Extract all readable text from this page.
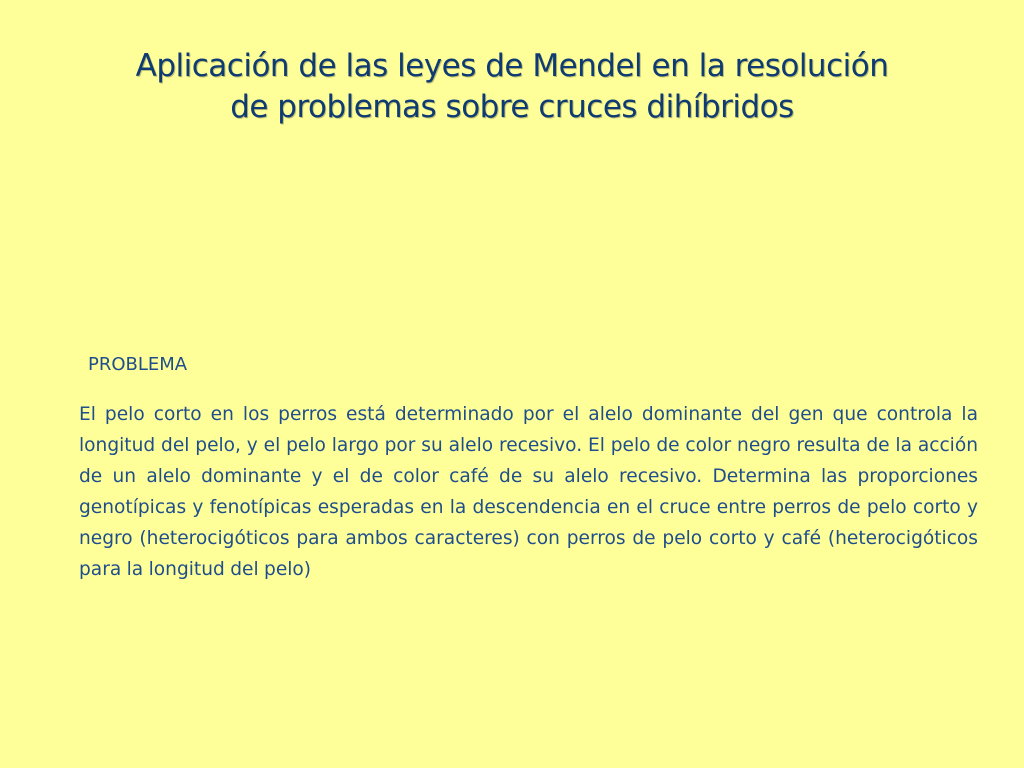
Aplicación de las leyes de Mendel en la resolución
de problemas sobre cruces dihíbridos

PROBLEMA

El pelo corto en los perros está determinado por el alelo dominante del gen que controla la longitud del pelo, y el pelo largo por su alelo recesivo. El pelo de color negro resulta de la acción de un alelo dominante y el de color café de su alelo recesivo. Determina las proporciones genotípicas y fenotípicas esperadas en la descendencia en el cruce entre perros de pelo corto y negro (heterocigóticos para ambos caracteres) con perros de pelo corto y café (heterocigóticos para la longitud del pelo)
